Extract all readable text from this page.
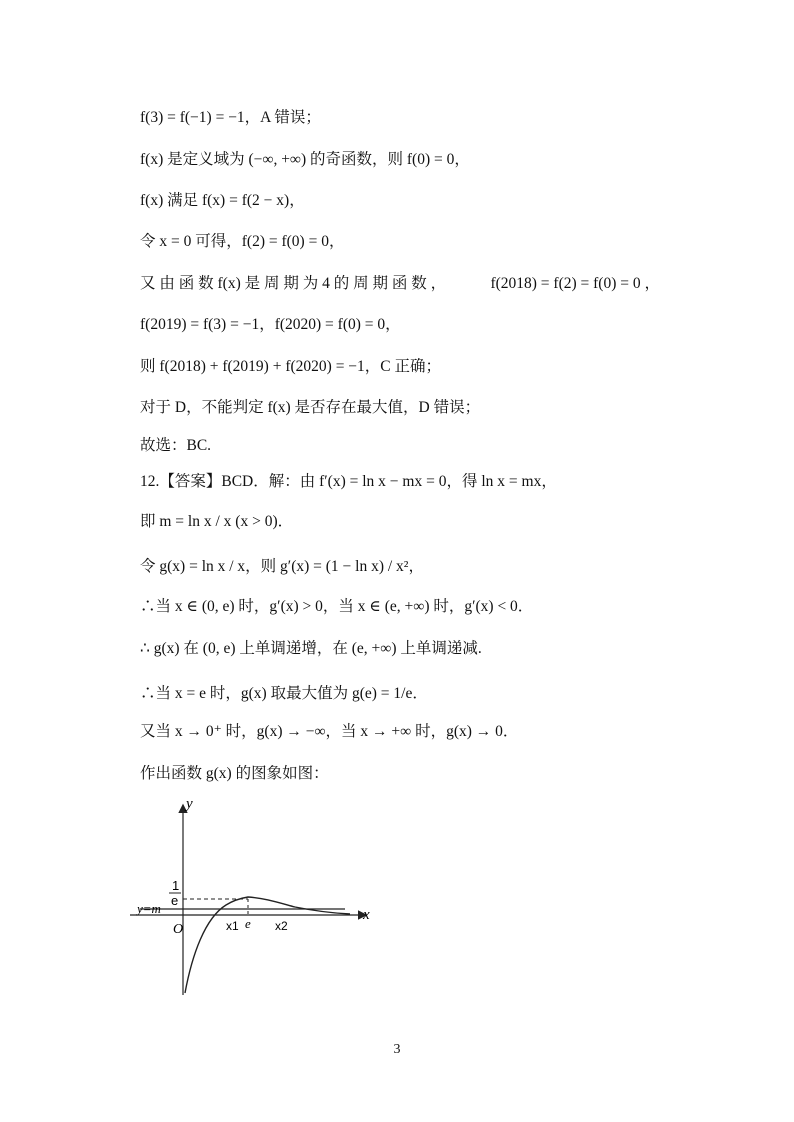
f(3) = f(−1) = −1，A 错误；
f(x) 是定义域为 (−∞, +∞) 的奇函数，则 f(0) = 0，
f(x) 满足 f(x) = f(2 − x)，
令 x = 0 可得，f(2) = f(0) = 0，
又 由 函 数 f(x) 是 周 期 为 4 的 周 期 函 数 ，	f(2018) = f(2) = f(0) = 0 ，
f(2019) = f(3) = −1，f(2020) = f(0) = 0，
则 f(2018) + f(2019) + f(2020) = −1，C 正确；
对于 D，不能判定 f(x) 是否存在最大值，D 错误；
故选：BC.
12.【答案】BCD．解：由 f′(x) = ln x − mx = 0，得 ln x = mx，
即 m = ln x / x (x > 0)．
令 g(x) = ln x / x，则 g′(x) = (1 − ln x) / x²，
∴当 x ∈ (0, e) 时，g′(x) > 0，当 x ∈ (e, +∞) 时，g′(x) < 0．
∴ g(x) 在 (0, e) 上单调递增，在 (e, +∞) 上单调递减.
∴当 x = e 时，g(x) 取最大值为 g(e) = 1/e．
又当 x → 0⁺ 时，g(x) → −∞，当 x → +∞ 时，g(x) → 0．
作出函数 g(x) 的图象如图：
y
x
O
1
e
y=m
x1 e x2
3
